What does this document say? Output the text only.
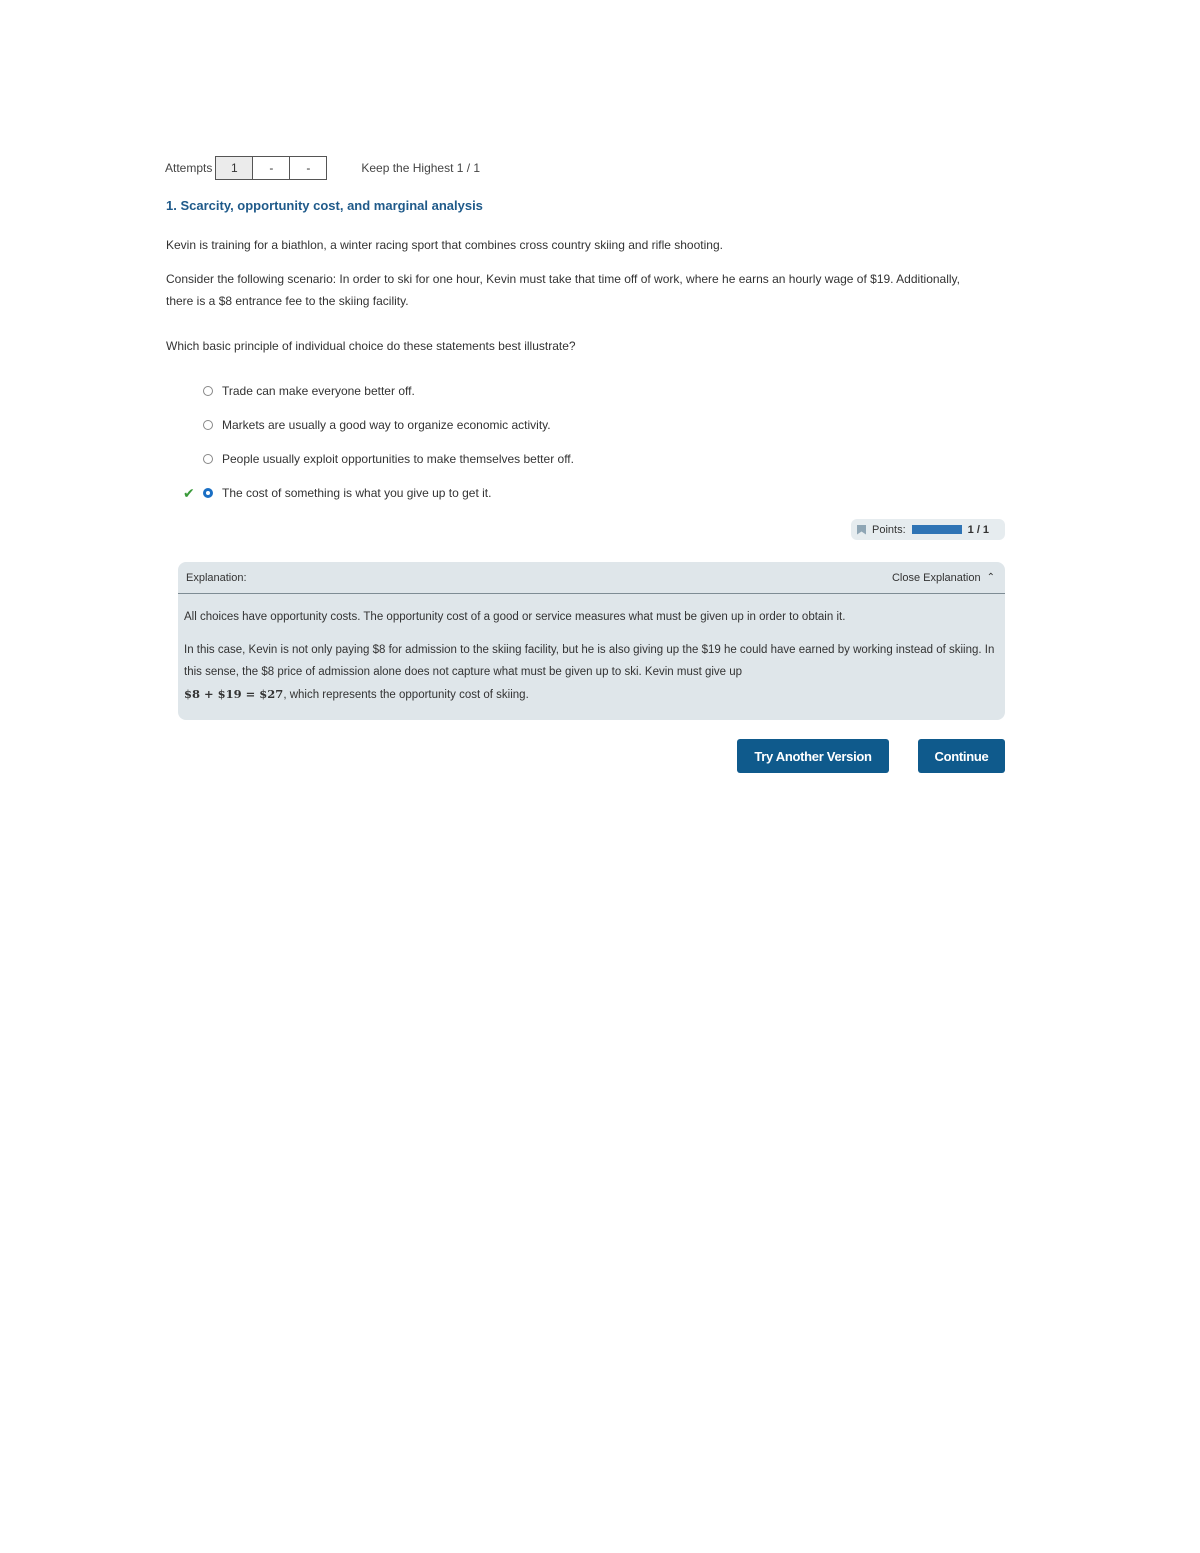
Attempts	1	-	-	Keep the Highest 1 / 1
1. Scarcity, opportunity cost, and marginal analysis
Kevin is training for a biathlon, a winter racing sport that combines cross country skiing and rifle shooting.
Consider the following scenario: In order to ski for one hour, Kevin must take that time off of work, where he earns an hourly wage of $19. Additionally, there is a $8 entrance fee to the skiing facility.
Which basic principle of individual choice do these statements best illustrate?
Trade can make everyone better off.
Markets are usually a good way to organize economic activity.
People usually exploit opportunities to make themselves better off.
✔	The cost of something is what you give up to get it.
Points:	1 / 1
Explanation:	Close Explanation ⌃

All choices have opportunity costs. The opportunity cost of a good or service measures what must be given up in order to obtain it.

In this case, Kevin is not only paying $8 for admission to the skiing facility, but he is also giving up the $19 he could have earned by working instead of skiing. In this sense, the $8 price of admission alone does not capture what must be given up to ski. Kevin must give up
$8 + $19 = $27, which represents the opportunity cost of skiing.

Try Another Version	Continue
